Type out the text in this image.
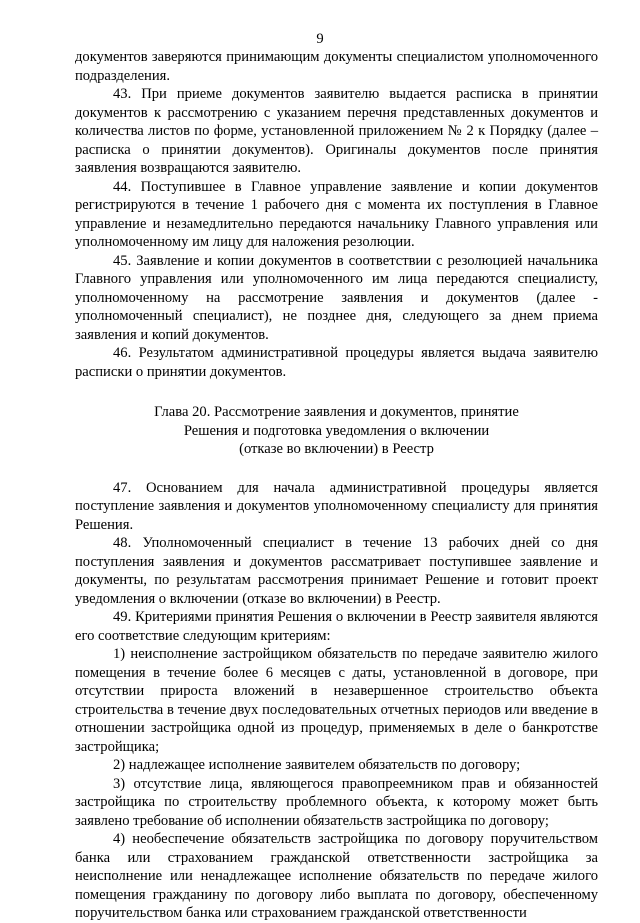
9

документов заверяются принимающим документы специалистом уполномоченного подразделения.

43. При приеме документов заявителю выдается расписка в принятии документов к рассмотрению с указанием перечня представленных документов и количества листов по форме, установленной приложением № 2 к Порядку (далее – расписка о принятии документов). Оригиналы документов после принятия заявления возвращаются заявителю.

44. Поступившее в Главное управление заявление и копии документов регистрируются в течение 1 рабочего дня с момента их поступления в Главное управление и незамедлительно передаются начальнику Главного управления или уполномоченному им лицу для наложения резолюции.

45. Заявление и копии документов в соответствии с резолюцией начальника Главного управления или уполномоченного им лица передаются специалисту, уполномоченному на рассмотрение заявления и документов (далее - уполномоченный специалист), не позднее дня, следующего за днем приема заявления и копий документов.

46. Результатом административной процедуры является выдача заявителю расписки о принятии документов.

Глава 20. Рассмотрение заявления и документов, принятие
Решения и подготовка уведомления о включении
(отказе во включении) в Реестр

47. Основанием для начала административной процедуры является поступление заявления и документов уполномоченному специалисту для принятия Решения.

48. Уполномоченный специалист в течение 13 рабочих дней со дня поступления заявления и документов рассматривает поступившее заявление и документы, по результатам рассмотрения принимает Решение и готовит проект уведомления о включении (отказе во включении) в Реестр.

49. Критериями принятия Решения о включении в Реестр заявителя являются его соответствие следующим критериям:

1) неисполнение застройщиком обязательств по передаче заявителю жилого помещения в течение более 6 месяцев с даты, установленной в договоре, при отсутствии прироста вложений в незавершенное строительство объекта строительства в течение двух последовательных отчетных периодов или введение в отношении застройщика одной из процедур, применяемых в деле о банкротстве застройщика;

2) надлежащее исполнение заявителем обязательств по договору;

3) отсутствие лица, являющегося правопреемником прав и обязанностей застройщика по строительству проблемного объекта, к которому может быть заявлено требование об исполнении обязательств застройщика по договору;

4) необеспечение обязательств застройщика по договору поручительством банка или страхованием гражданской ответственности застройщика за неисполнение или ненадлежащее исполнение обязательств по передаче жилого помещения гражданину по договору либо выплата по договору, обеспеченному поручительством банка или страхованием гражданской ответственности
